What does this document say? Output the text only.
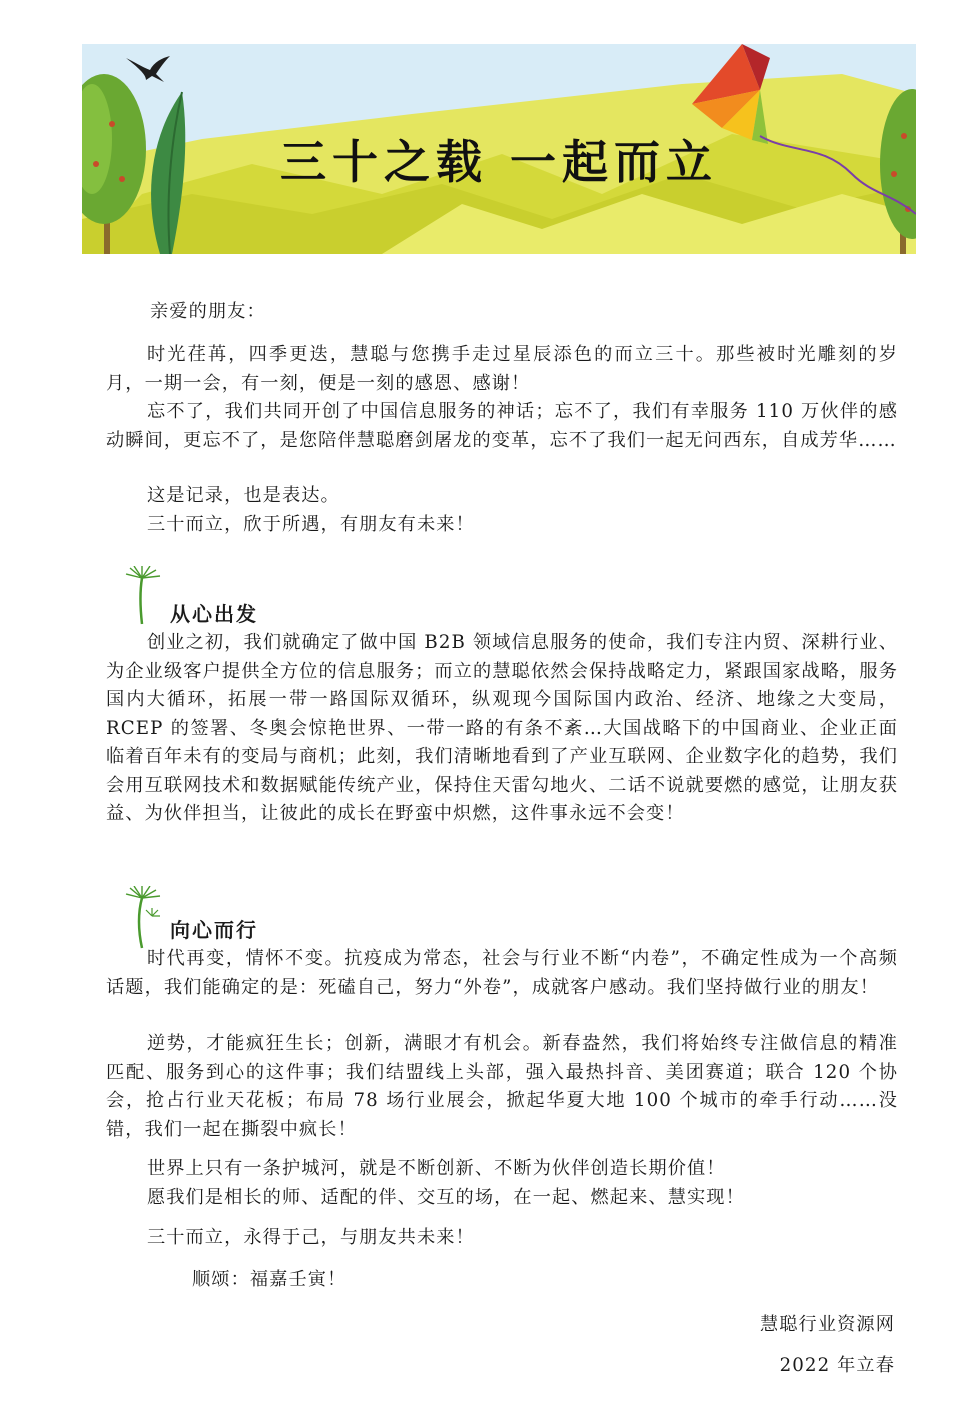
三十之载 一起而立

亲爱的朋友：

时光荏苒，四季更迭，慧聪与您携手走过星辰添色的而立三十。那些被时光雕刻的岁月，一期一会，有一刻，便是一刻的感恩、感谢！

忘不了，我们共同开创了中国信息服务的神话；忘不了，我们有幸服务 110 万伙伴的感动瞬间，更忘不了，是您陪伴慧聪磨剑屠龙的变革，忘不了我们一起无问西东，自成芳华……

这是记录，也是表达。

三十而立，欣于所遇，有朋友有未来！

从心出发

创业之初，我们就确定了做中国 B2B 领域信息服务的使命，我们专注内贸、深耕行业、为企业级客户提供全方位的信息服务；而立的慧聪依然会保持战略定力，紧跟国家战略，服务国内大循环，拓展一带一路国际双循环，纵观现今国际国内政治、经济、地缘之大变局，RCEP 的签署、冬奥会惊艳世界、一带一路的有条不紊…大国战略下的中国商业、企业正面临着百年未有的变局与商机；此刻，我们清晰地看到了产业互联网、企业数字化的趋势，我们会用互联网技术和数据赋能传统产业，保持住天雷勾地火、二话不说就要燃的感觉，让朋友获益、为伙伴担当，让彼此的成长在野蛮中炽燃，这件事永远不会变！

向心而行

时代再变，情怀不变。抗疫成为常态，社会与行业不断“内卷”，不确定性成为一个高频话题，我们能确定的是：死磕自己，努力“外卷”，成就客户感动。我们坚持做行业的朋友！

逆势，才能疯狂生长；创新，满眼才有机会。新春盎然，我们将始终专注做信息的精准匹配、服务到心的这件事；我们结盟线上头部，强入最热抖音、美团赛道；联合 120 个协会，抢占行业天花板；布局 78 场行业展会，掀起华夏大地 100 个城市的牵手行动……没错，我们一起在撕裂中疯长！

世界上只有一条护城河，就是不断创新、不断为伙伴创造长期价值！

愿我们是相长的师、适配的伴、交互的场，在一起、燃起来、慧实现！

三十而立，永得于己，与朋友共未来！

顺颂：福嘉壬寅！

慧聪行业资源网
2022 年立春
